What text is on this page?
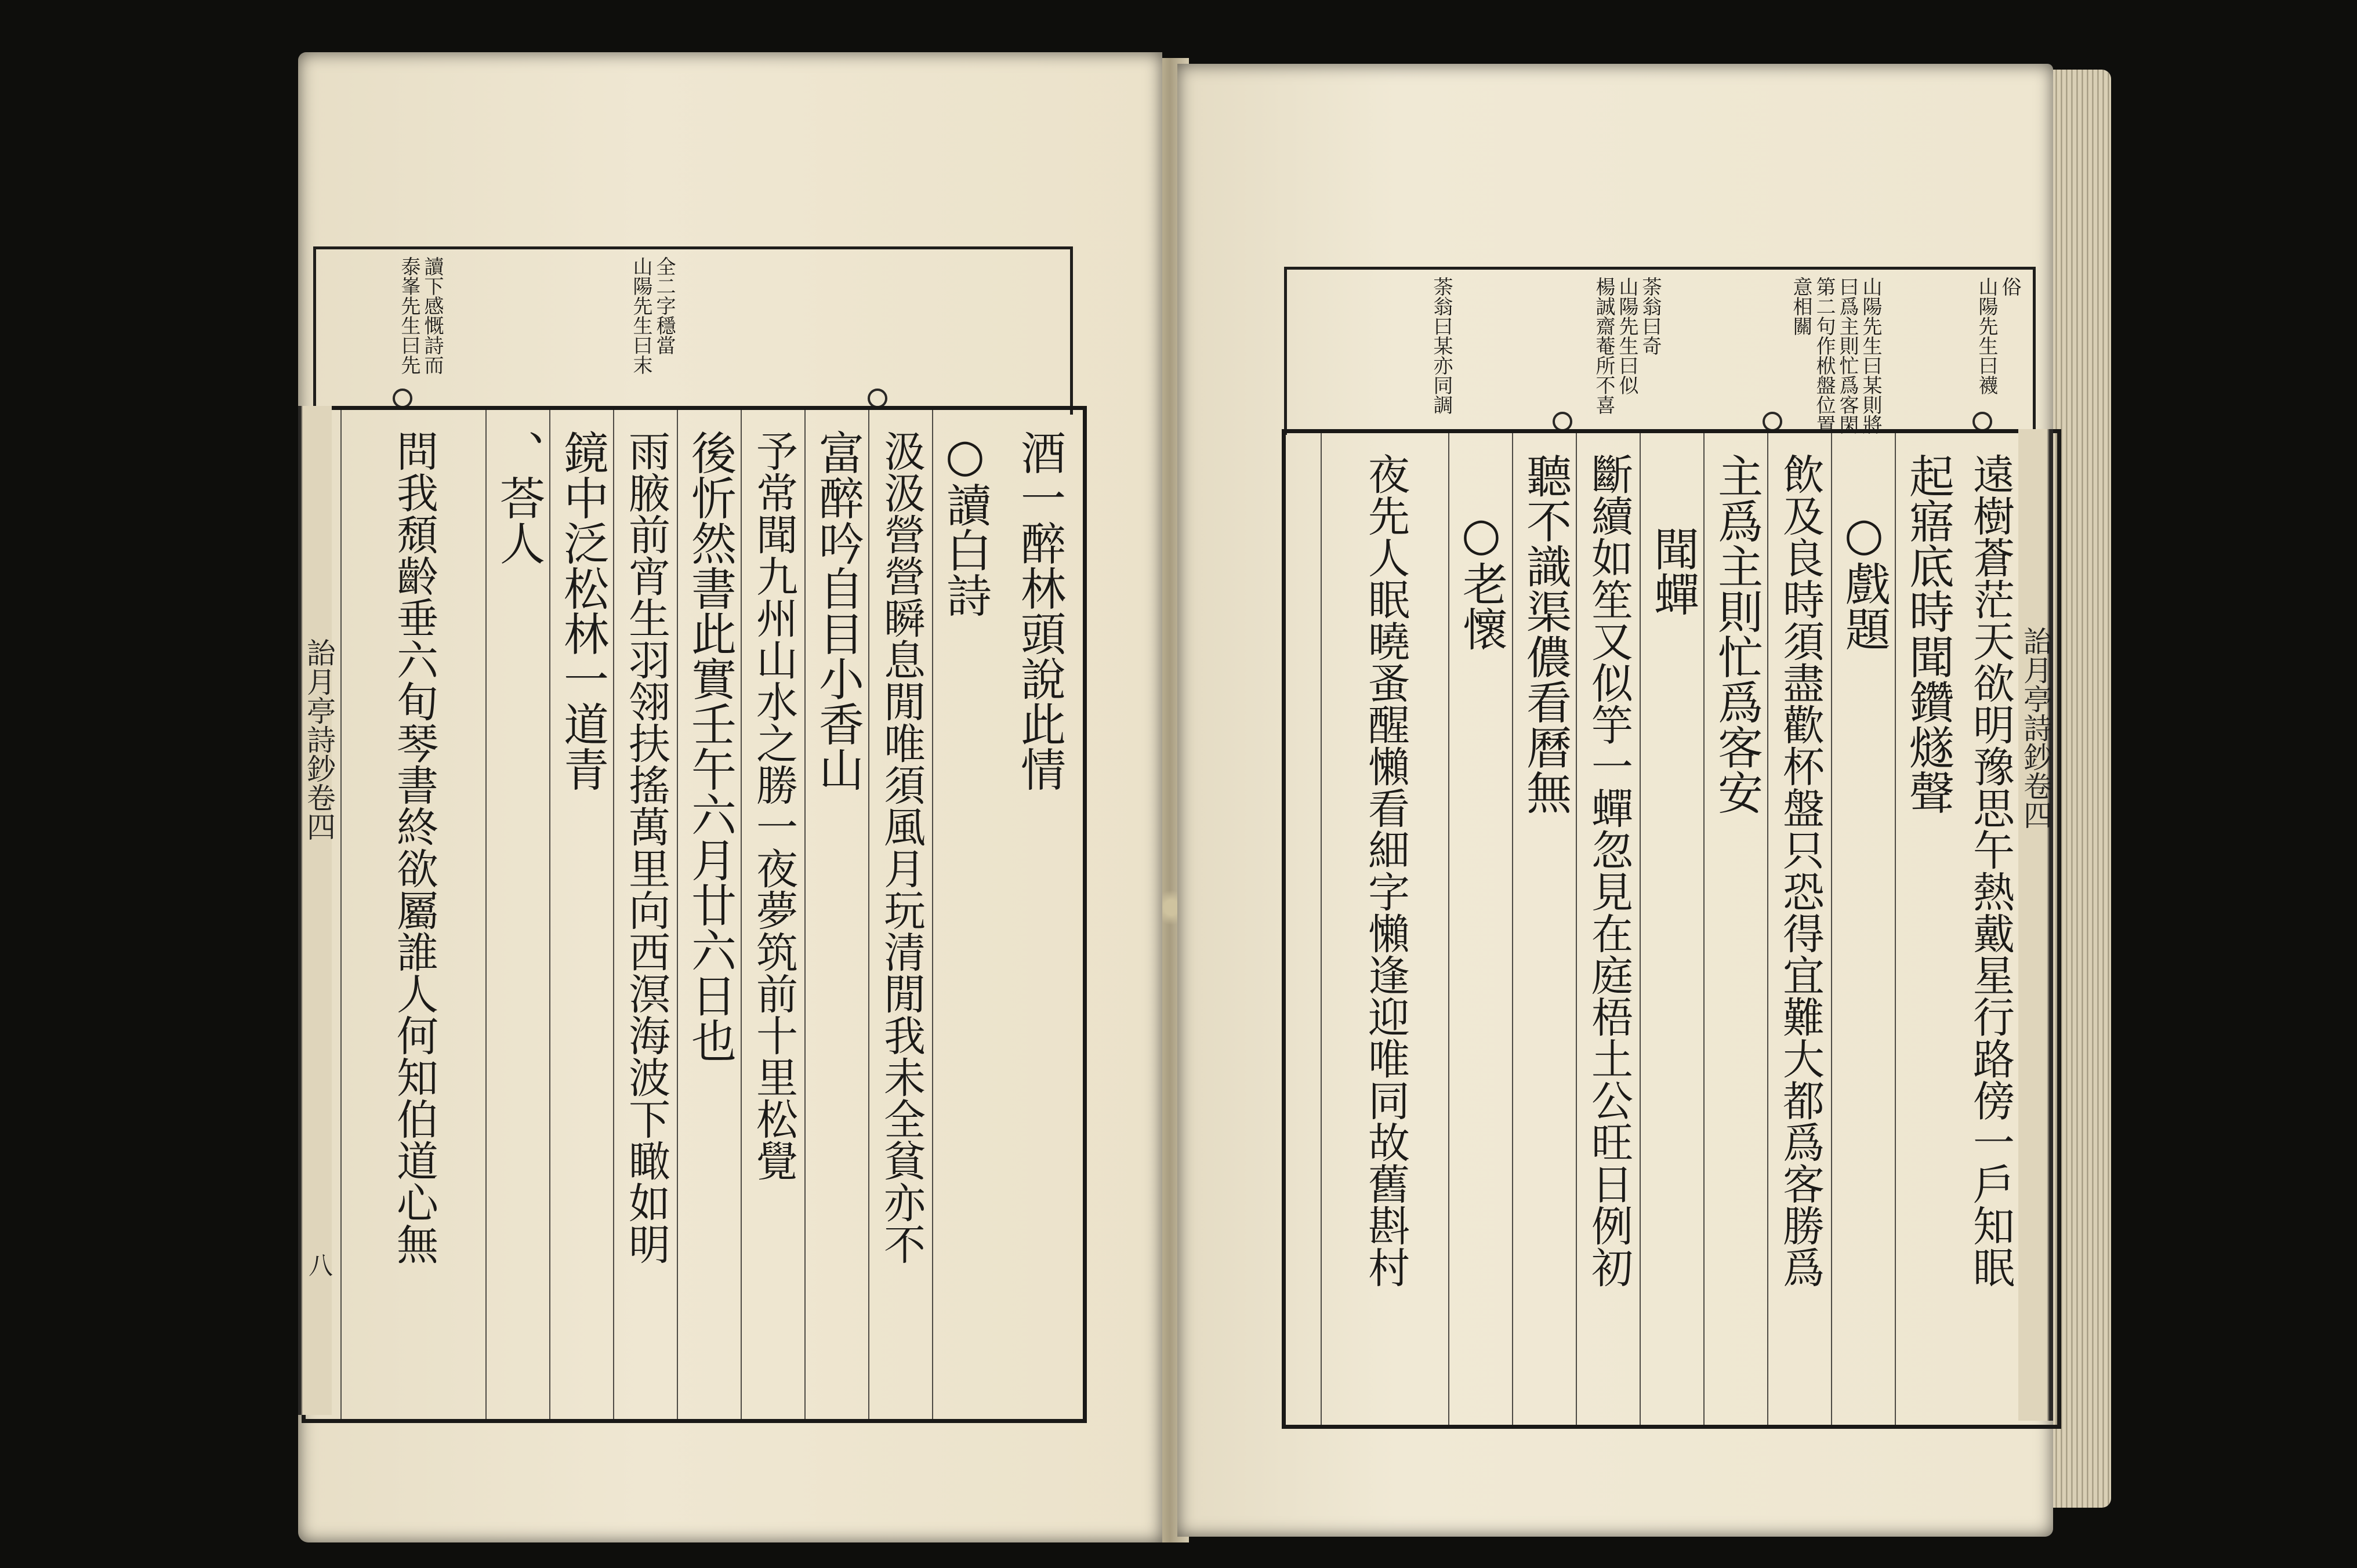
泰峯先生曰先 讀下感慨詩而	山陽先生曰末 全二字穩當
酒一醉林頭說此情
○讀白詩
汲汲營營瞬息閒唯須風月玩清閒我未全貧亦不
富醉吟自目小香山
予常聞九州山水之勝一夜夢筑前十里松覺
後忻然書此實壬午六月廿六日也
雨腋前宵生羽翎扶搖萬里向西溟海波下瞰如明
鏡中泛松林一道青
、荅人
問我頹齡垂六旬琴書終欲屬誰人何知伯道心無
詒月亭詩鈔卷四
八
山陽先生曰襪 俗
山陽先生曰某則將
曰爲主則忙爲客閑
第二句作栿盤位置
意相關
荼翁曰奇
山陽先生曰似
楊誠齋菴所不喜
荼翁曰某亦同調
遠樹蒼茫天欲明豫思午熱戴星行路傍一戶知眠
起寤底時聞鑽燧聲
○戲題
飲及良時須盡歡杯盤只恐得宜難大都爲客勝爲
主爲主則忙爲客安
聞蟬
斷續如笙又似竽一蟬忽見在庭梧土公旺日例初
聽不識渠儂看曆無
○老懷
夜先人眠曉蚤醒懶看細字懶逢迎唯同故舊斟村	詒月亭詩鈔卷四
